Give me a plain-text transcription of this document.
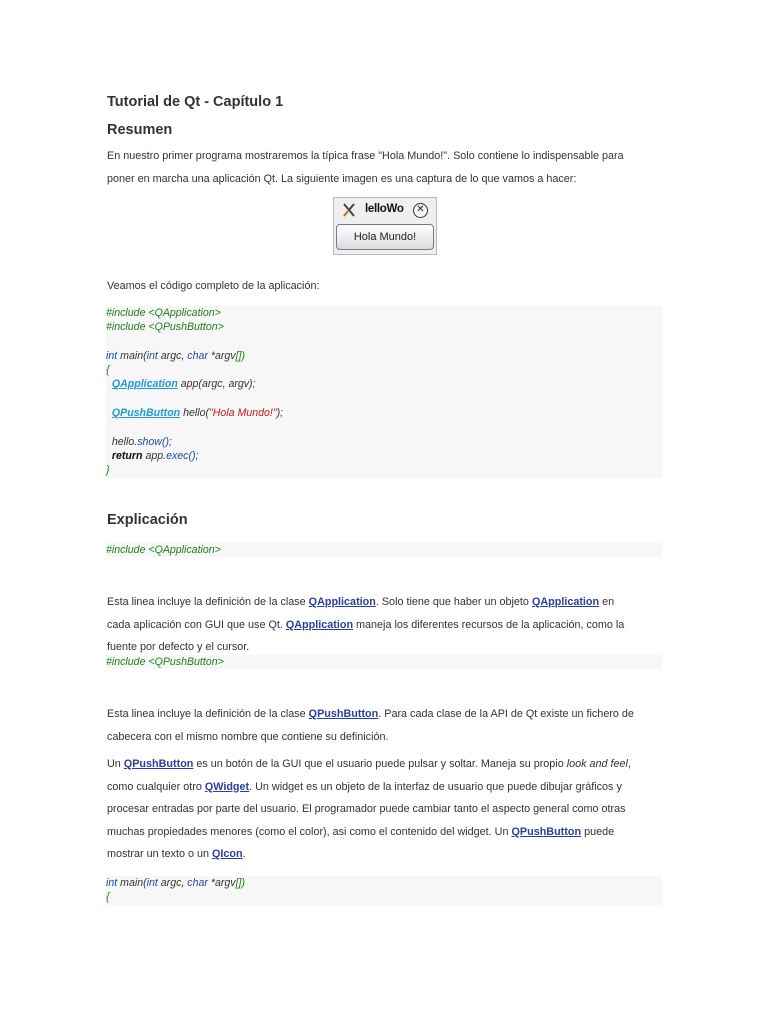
Tutorial de Qt - Capítulo 1
Resumen
En nuestro primer programa mostraremos la típica frase "Hola Mundo!". Solo contiene lo indispensable para
poner en marcha una aplicación Qt. La siguiente imagen es una captura de lo que vamos a hacer:
lelloWo	✕
Hola Mundo!
Veamos el código completo de la aplicación:
#include <QApplication>
#include <QPushButton>
int main(int argc, char *argv[])
{
QApplication app(argc, argv);
QPushButton hello("Hola Mundo!");
hello.show();
return app.exec();
}
Explicación
#include <QApplication>
Esta linea incluye la definición de la clase QApplication. Solo tiene que haber un objeto QApplication en
cada aplicación con GUI que use Qt. QApplication maneja los diferentes recursos de la aplicación, como la
fuente por defecto y el cursor.
#include <QPushButton>
Esta linea incluye la definición de la clase QPushButton. Para cada clase de la API de Qt existe un fichero de
cabecera con el mismo nombre que contiene su definición.
Un QPushButton es un botón de la GUI que el usuario puede pulsar y soltar. Maneja su propio look and feel,
como cualquier otro QWidget. Un widget es un objeto de la interfaz de usuario que puede dibujar gráficos y
procesar entradas por parte del usuario. El programador puede cambiar tanto el aspecto general como otras
muchas propiedades menores (como el color), asi como el contenido del widget. Un QPushButton puede
mostrar un texto o un QIcon.
int main(int argc, char *argv[])
{
